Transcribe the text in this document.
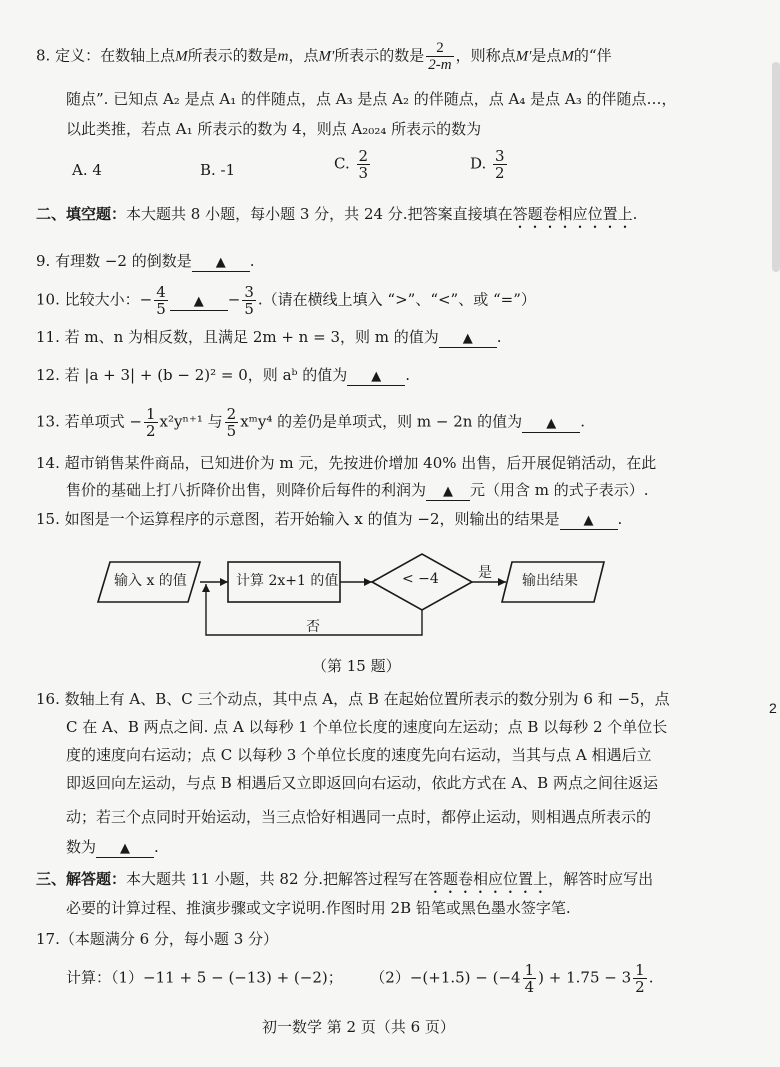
8. 定义：在数轴上点M所表示的数是m，点M′所表示的数是 $\frac{2}{2-m}$ ，则称点M′是点M的“伴
随点”. 已知点 A₂ 是点 A₁ 的伴随点，点 A₃ 是点 A₂ 的伴随点，点 A₄ 是点 A₃ 的伴随点…，
以此类推，若点 A₁ 所表示的数为 4，则点 A₂₀₂₄ 所表示的数为
A. 4	B. -1	C. $\frac{2}{3}$	D. $\frac{3}{2}$
二、填空题：本大题共 8 小题，每小题 3 分，共 24 分.把答案直接填在答题卷相应位置上.
9. 有理数 −2 的倒数是 ▲ .
10. 比较大小：− $\frac{4}{5}$ ▲ − $\frac{3}{5}$ .（请在横线上填入 “>”、“<”、或 “=”）
11. 若 m、n 为相反数，且满足 2m + n = 3，则 m 的值为 ▲ .
12. 若 |a + 3| + (b − 2)² = 0，则 aᵇ 的值为 ▲ .
13. 若单项式 − $\frac{1}{2} x^2y^{n+1}$ 与 $\frac{2}{5}$ xᵐy⁴ 的差仍是单项式，则 m − 2n 的值为 ▲ .
14. 超市销售某件商品，已知进价为 m 元，先按进价增加 40% 出售，后开展促销活动，在此
售价的基础上打八折降价出售，则降价后每件的利润为 ▲ 元（用含 m 的式子表示）.
15. 如图是一个运算程序的示意图，若开始输入 x 的值为 −2，则输出的结果是 ▲ .
输入 x 的值	计算 2x+1 的值	< −4	是 输出结果
否
（第 15 题）
16. 数轴上有 A、B、C 三个动点，其中点 A，点 B 在起始位置所表示的数分别为 6 和 −5，点
C 在 A、B 两点之间. 点 A 以每秒 1 个单位长度的速度向左运动；点 B 以每秒 2 个单位长
度的速度向右运动；点 C 以每秒 3 个单位长度的速度先向右运动，当其与点 A 相遇后立
即返回向左运动，与点 B 相遇后又立即返回向右运动，依此方式在 A、B 两点之间往返运
动；若三个点同时开始运动，当三点恰好相遇同一点时，都停止运动，则相遇点所表示的
数为 ▲ .
三、解答题：本大题共 11 小题，共 82 分.把解答过程写在答题卷相应位置上，解答时应写出
必要的计算过程、推演步骤或文字说明.作图时用 2B 铅笔或黑色墨水签字笔.
17.（本题满分 6 分，每小题 3 分）
计算：（1）−11 + 5 − (−13) + (−2)； $(2)-(+1.5) - (-4 \frac{1}{4}$ ) + $1.75 - 3 \frac{1}{2}$ .
初一数学 第 2 页（共 6 页）
2
